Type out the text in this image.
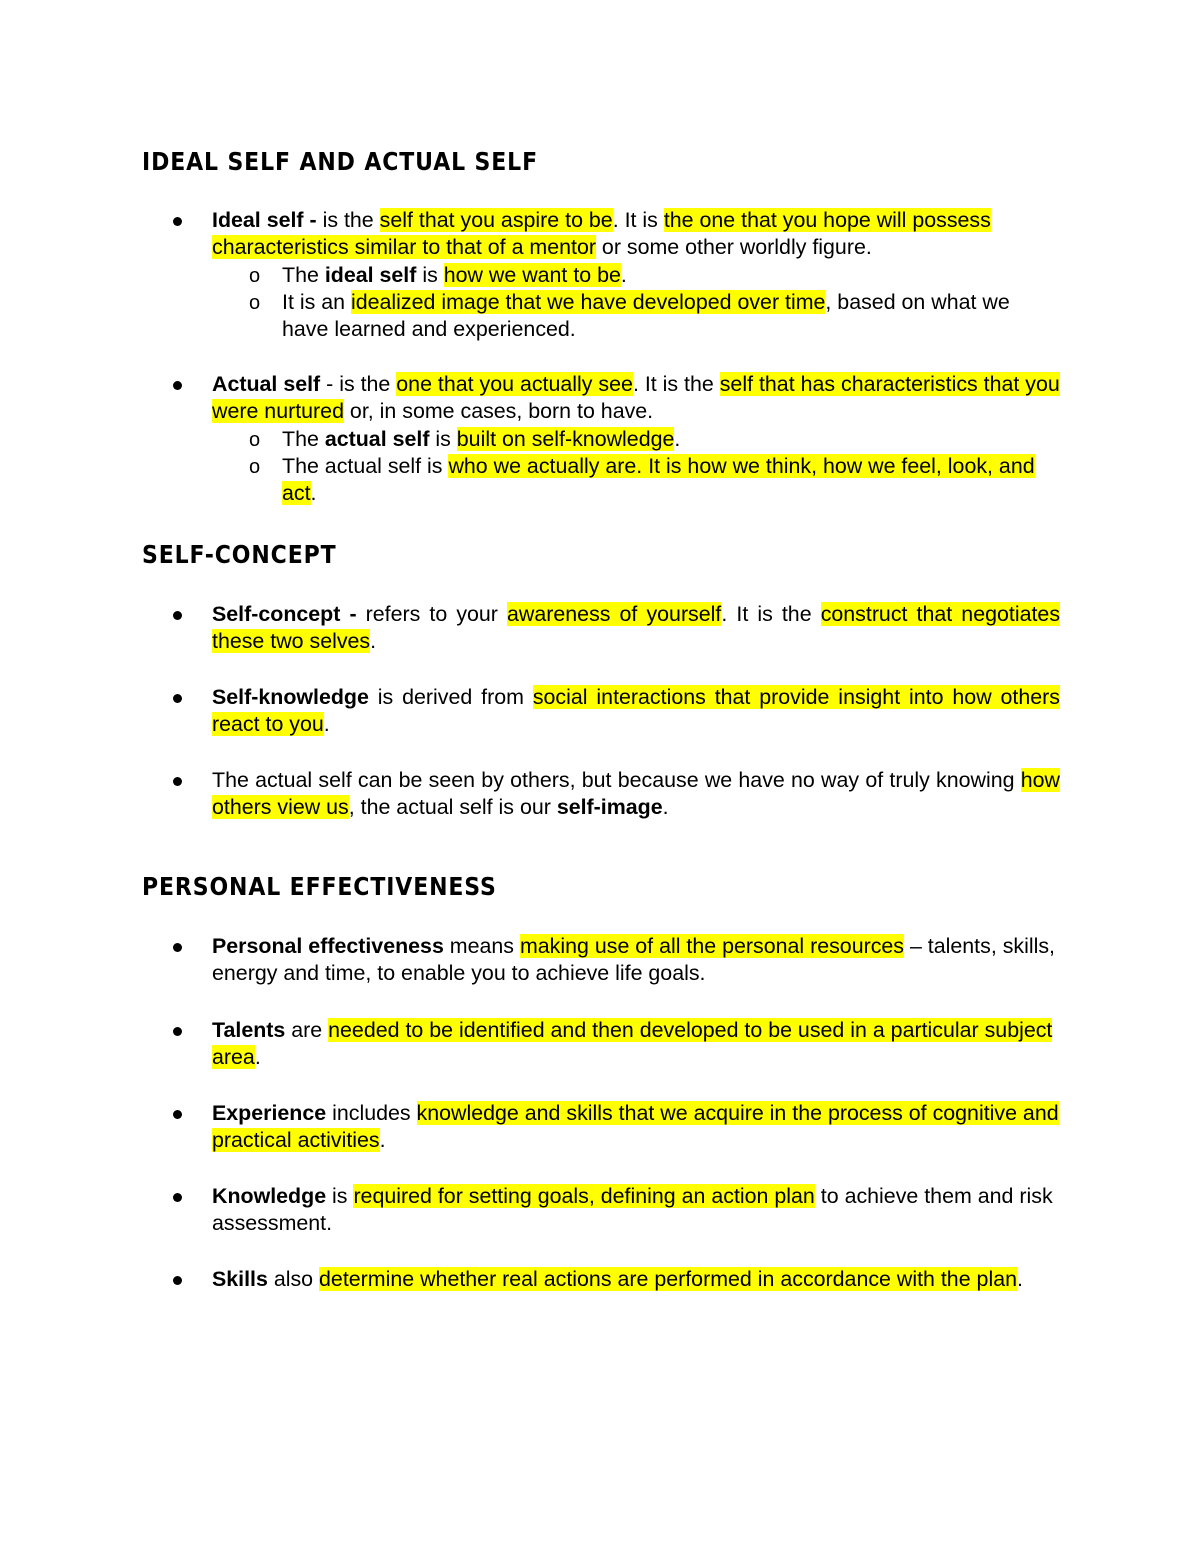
IDEAL SELF AND ACTUAL SELF

Ideal self - is the self that you aspire to be. It is the one that you hope will possess characteristics similar to that of a mentor or some other worldly figure.

o The ideal self is how we want to be.

o It is an idealized image that we have developed over time, based on what we have learned and experienced.

Actual self - is the one that you actually see. It is the self that has characteristics that you were nurtured or, in some cases, born to have.

o The actual self is built on self-knowledge.

o The actual self is who we actually are. It is how we think, how we feel, look, and act.

SELF-CONCEPT

Self-concept - refers to your awareness of yourself. It is the construct that negotiates these two selves.

Self-knowledge is derived from social interactions that provide insight into how others react to you.

The actual self can be seen by others, but because we have no way of truly knowing how others view us, the actual self is our self-image.

PERSONAL EFFECTIVENESS

Personal effectiveness means making use of all the personal resources – talents, skills, energy and time, to enable you to achieve life goals.

Talents are needed to be identified and then developed to be used in a particular subject area.

Experience includes knowledge and skills that we acquire in the process of cognitive and practical activities.

Knowledge is required for setting goals, defining an action plan to achieve them and risk assessment.

Skills also determine whether real actions are performed in accordance with the plan.
